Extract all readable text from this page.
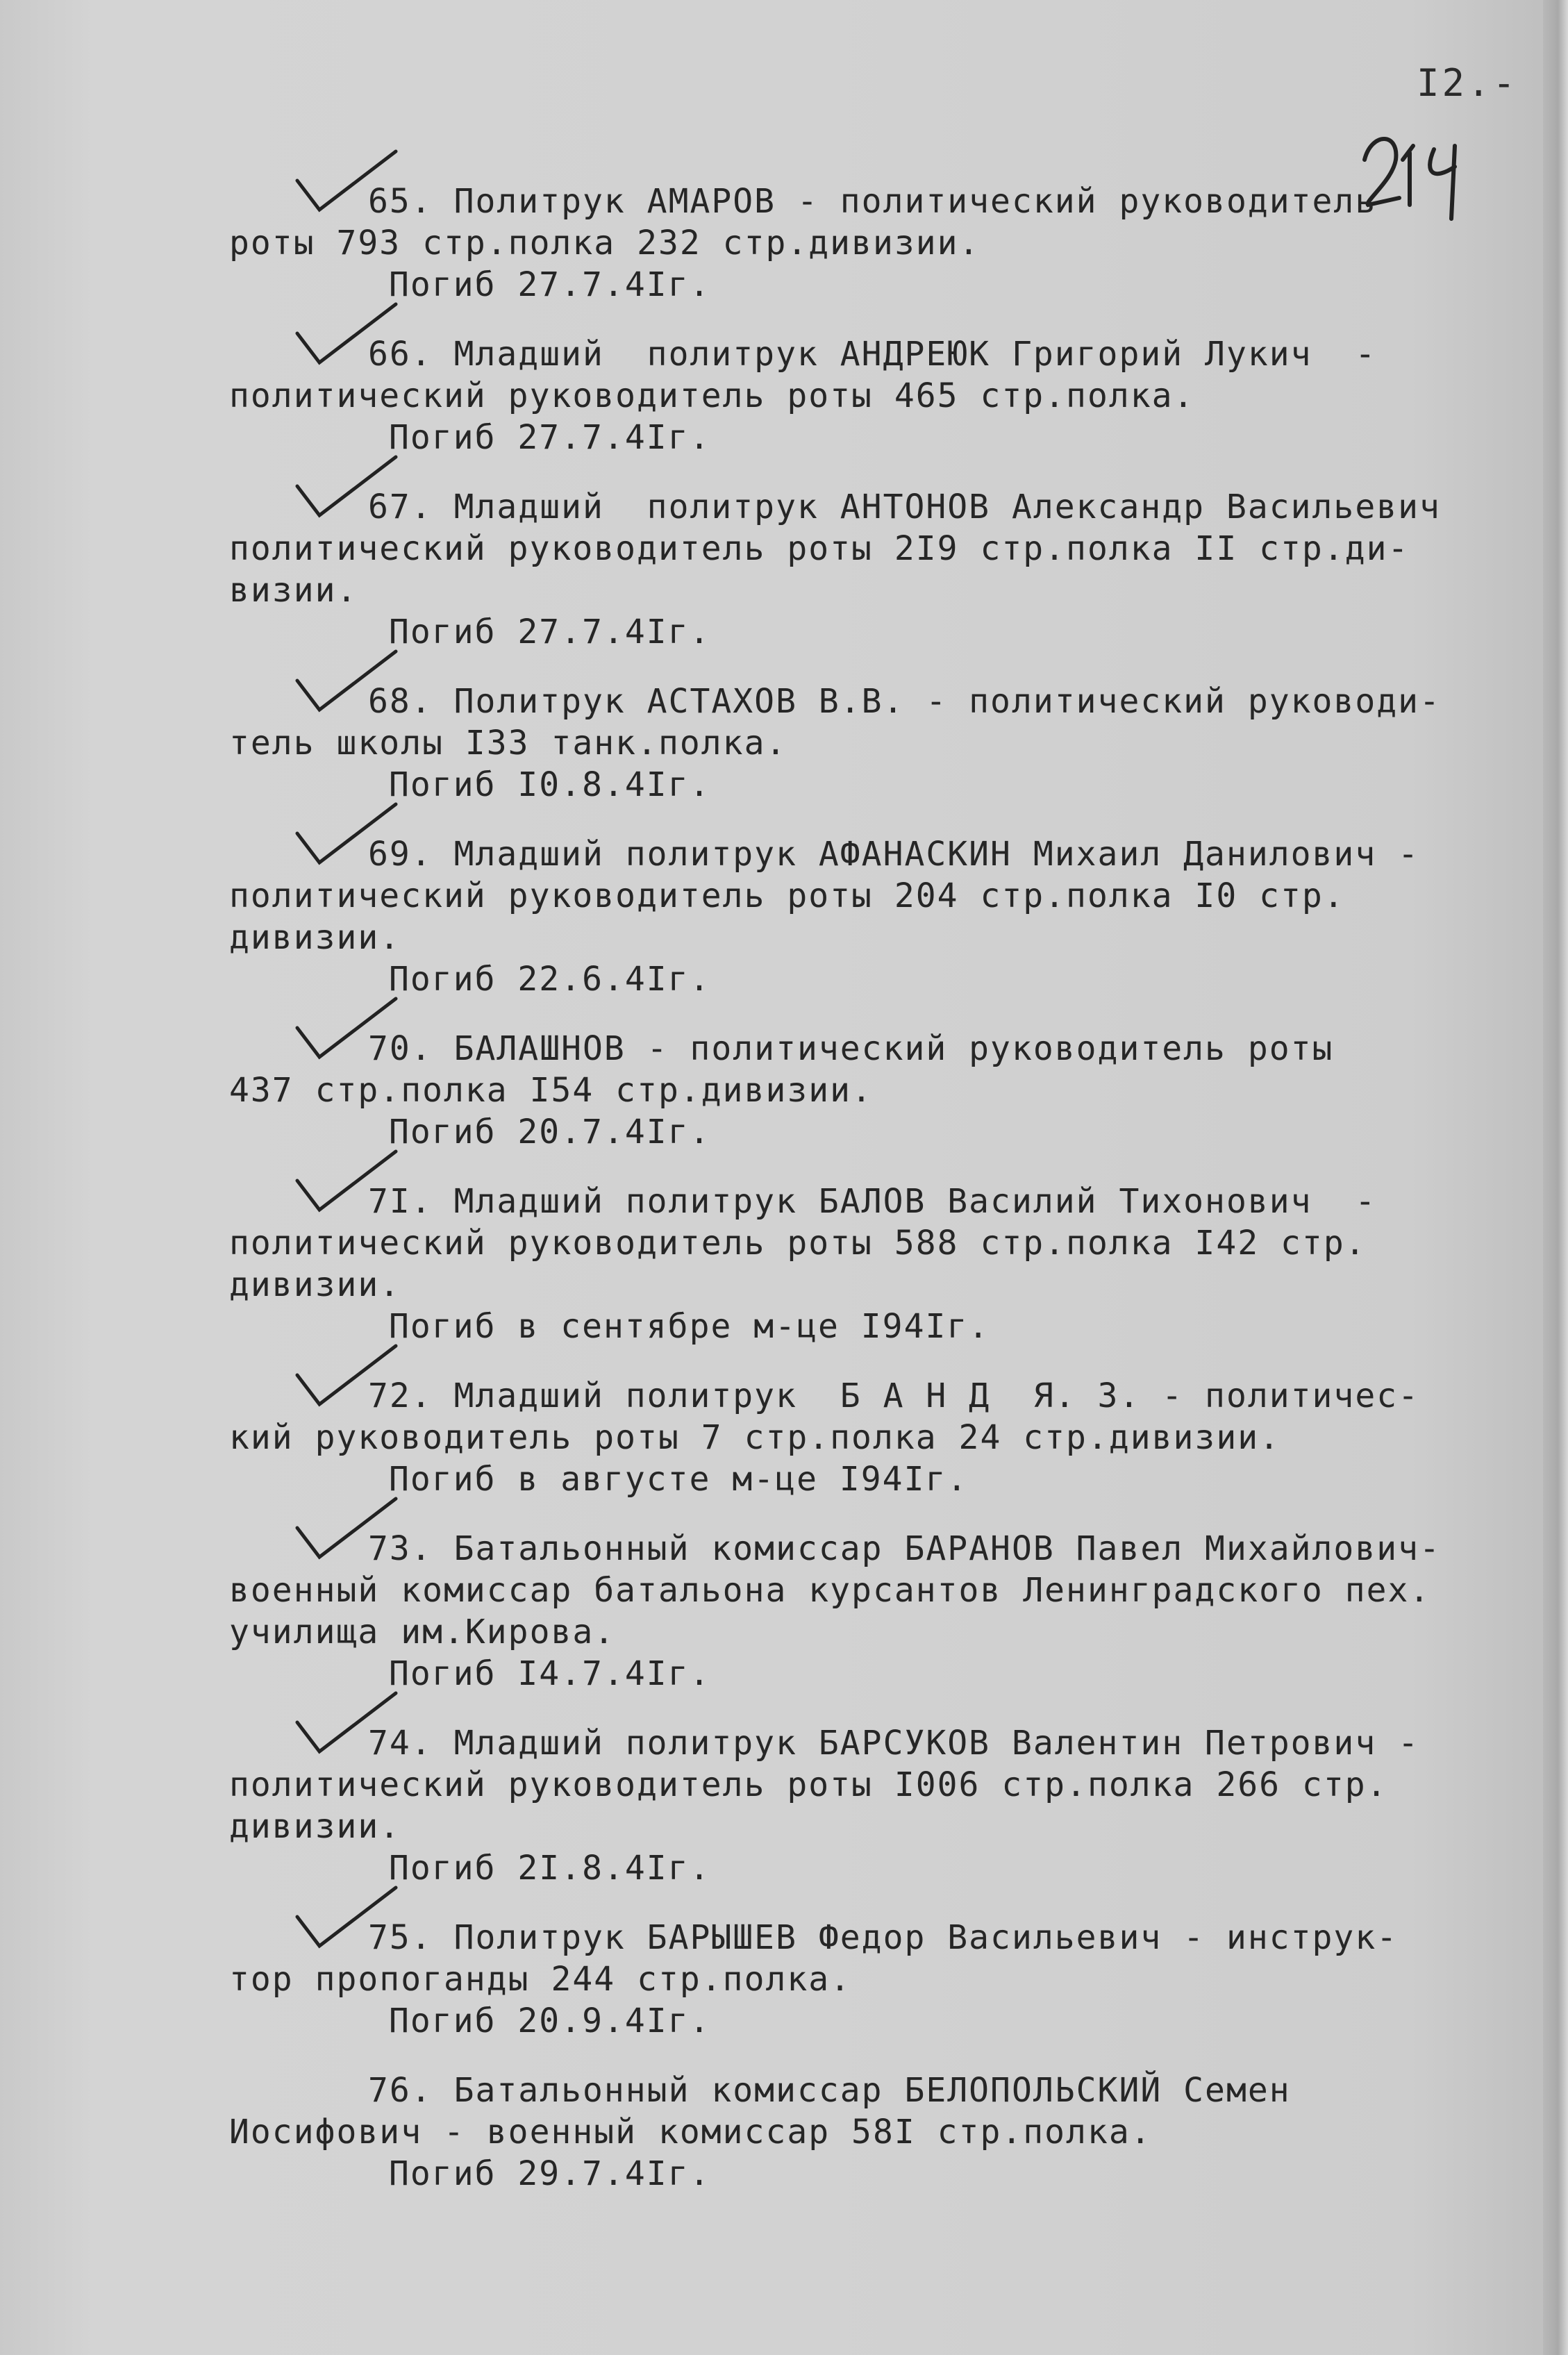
I2.-
65. Политрук АМАРОВ - политический руководитель
роты 793 стр.полка 232 стр.дивизии.
Погиб 27.7.4Iг.
66. Младший  политрук АНДРЕЮК Григорий Лукич  -
политический руководитель роты 465 стр.полка.
Погиб 27.7.4Iг.
67. Младший  политрук АНТОНОВ Александр Васильевич
политический руководитель роты 2I9 стр.полка II стр.ди-
визии.
Погиб 27.7.4Iг.
68. Политрук АСТАХОВ В.В. - политический руководи-
тель школы I33 танк.полка.
Погиб I0.8.4Iг.
69. Младший политрук АФАНАСКИН Михаил Данилович -
политический руководитель роты 204 стр.полка I0 стр.
дивизии.
Погиб 22.6.4Iг.
70. БАЛАШНОВ - политический руководитель роты
437 стр.полка I54 стр.дивизии.
Погиб 20.7.4Iг.
7I. Младший политрук БАЛОВ Василий Тихонович  -
политический руководитель роты 588 стр.полка I42 стр.
дивизии.
Погиб в сентябре м-це I94Iг.
72. Младший политрук  Б А Н Д  Я. З. - политичес-
кий руководитель роты 7 стр.полка 24 стр.дивизии.
Погиб в августе м-це I94Iг.
73. Батальонный комиссар БАРАНОВ Павел Михайлович-
военный комиссар батальона курсантов Ленинградского пех.
училища им.Кирова.
Погиб I4.7.4Iг.
74. Младший политрук БАРСУКОВ Валентин Петрович -
политический руководитель роты I006 стр.полка 266 стр.
дивизии.
Погиб 2I.8.4Iг.
75. Политрук БАРЫШЕВ Федор Васильевич - инструк-
тор пропоганды 244 стр.полка.
Погиб 20.9.4Iг.
76. Батальонный комиссар БЕЛОПОЛЬСКИЙ Семен
Иосифович - военный комиссар 58I стр.полка.
Погиб 29.7.4Iг.
